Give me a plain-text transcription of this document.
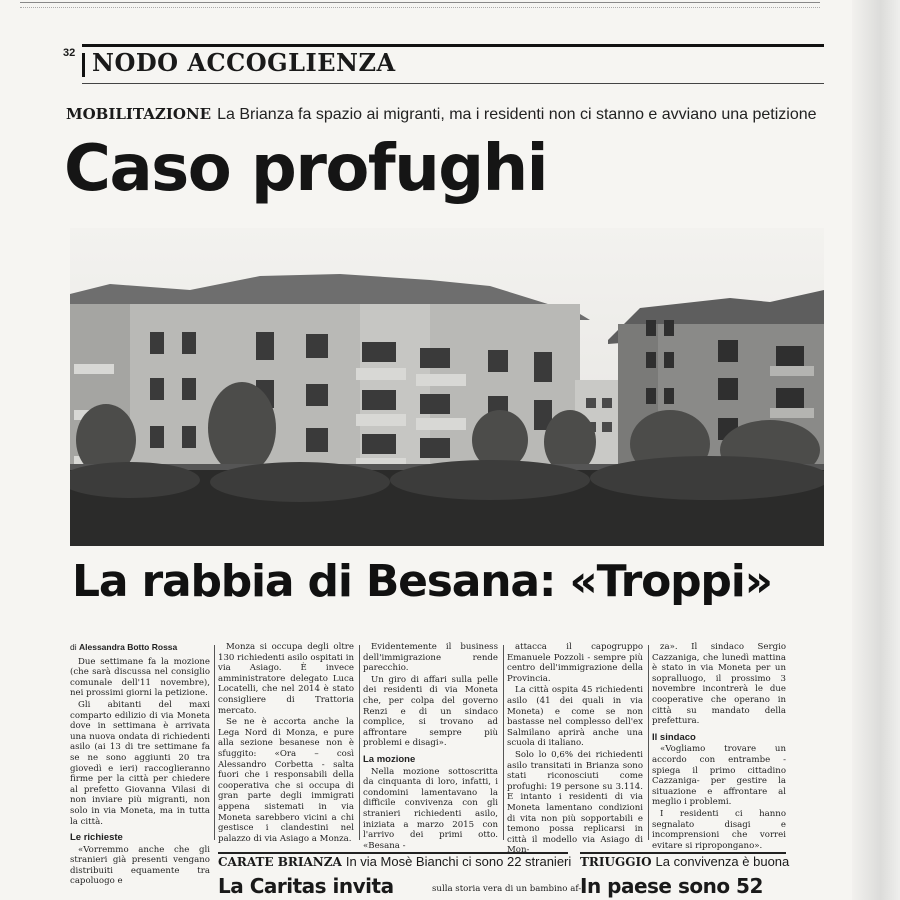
32 NODO ACCOGLIENZA
MOBILITAZIONE La Brianza fa spazio ai migranti, ma i residenti non ci stanno e avviano una petizione
Caso profughi
La rabbia di Besana: «Troppi»

di Alessandra Botto Rossa

Due settimane fa la mozione (che sarà discussa nel consiglio comunale dell'11 novembre), nei prossimi giorni la petizione.

Gli abitanti del maxi comparto edilizio di via Moneta dove in settimana è arrivata una nuova ondata di richiedenti asilo (ai 13 di tre settimane fa se ne sono aggiunti 20 tra giovedì e ieri) raccoglieranno firme per la città per chiedere al prefetto Giovanna Vilasi di non inviare più migranti, non solo in via Moneta, ma in tutta la città.

Le richieste

«Vorremmo anche che gli stranieri già presenti vengano distribuiti equamente tra capoluogo e

Monza si occupa degli oltre 130 richiedenti asilo ospitati in via Asiago. È invece amministratore delegato Luca Locatelli, che nel 2014 è stato consigliere di Trattoria mercato.

Se ne è accorta anche la Lega Nord di Monza, e pure alla sezione besanese non è sfuggito: «Ora – così Alessandro Corbetta - salta fuori che i responsabili della cooperativa che si occupa di gran parte degli immigrati appena sistemati in via Moneta sarebbero vicini a chi gestisce i clandestini nel palazzo di via Asiago a Monza.

Evidentemente il business dell'immigrazione rende parecchio.

Un giro di affari sulla pelle dei residenti di via Moneta che, per colpa del governo Renzi e di un sindaco complice, si trovano ad affrontare sempre più problemi e disagi».

La mozione

Nella mozione sottoscritta da cinquanta di loro, infatti, i condomini lamentavano la difficile convivenza con gli stranieri richiedenti asilo, iniziata a marzo 2015 con l'arrivo dei primi otto. «Besana -

attacca il capogruppo Emanuele Pozzoli - sempre più centro dell'immigrazione della Provincia.

La città ospita 45 richiedenti asilo (41 dei quali in via Moneta) e come se non bastasse nel complesso dell'ex Salmilano aprirà anche una scuola di italiano.

Solo lo 0,6% dei richiedenti asilo transitati in Brianza sono stati riconosciuti come profughi: 19 persone su 3.114. E intanto i residenti di via Moneta lamentano condizioni di vita non più sopportabili e temono possa replicarsi in città il modello via Asiago di Mon-

za». Il sindaco Sergio Cazzaniga, che lunedì mattina è stato in via Moneta per un sopralluogo, il prossimo 3 novembre incontrerà le due cooperative che operano in città su mandato della prefettura.

Il sindaco

«Vogliamo trovare un accordo con entrambe - spiega il primo cittadino Cazzaniga- per gestire la situazione e affrontare al meglio i problemi.

I residenti ci hanno segnalato disagi e incomprensioni che vorrei evitare si ripropongano».

CARATE BRIANZA In via Mosè Bianchi ci sono 22 stranieri
La Caritas invita	sulla storia vera di un bambino af-
TRIUGGIO La convivenza è buona
In paese sono 52
